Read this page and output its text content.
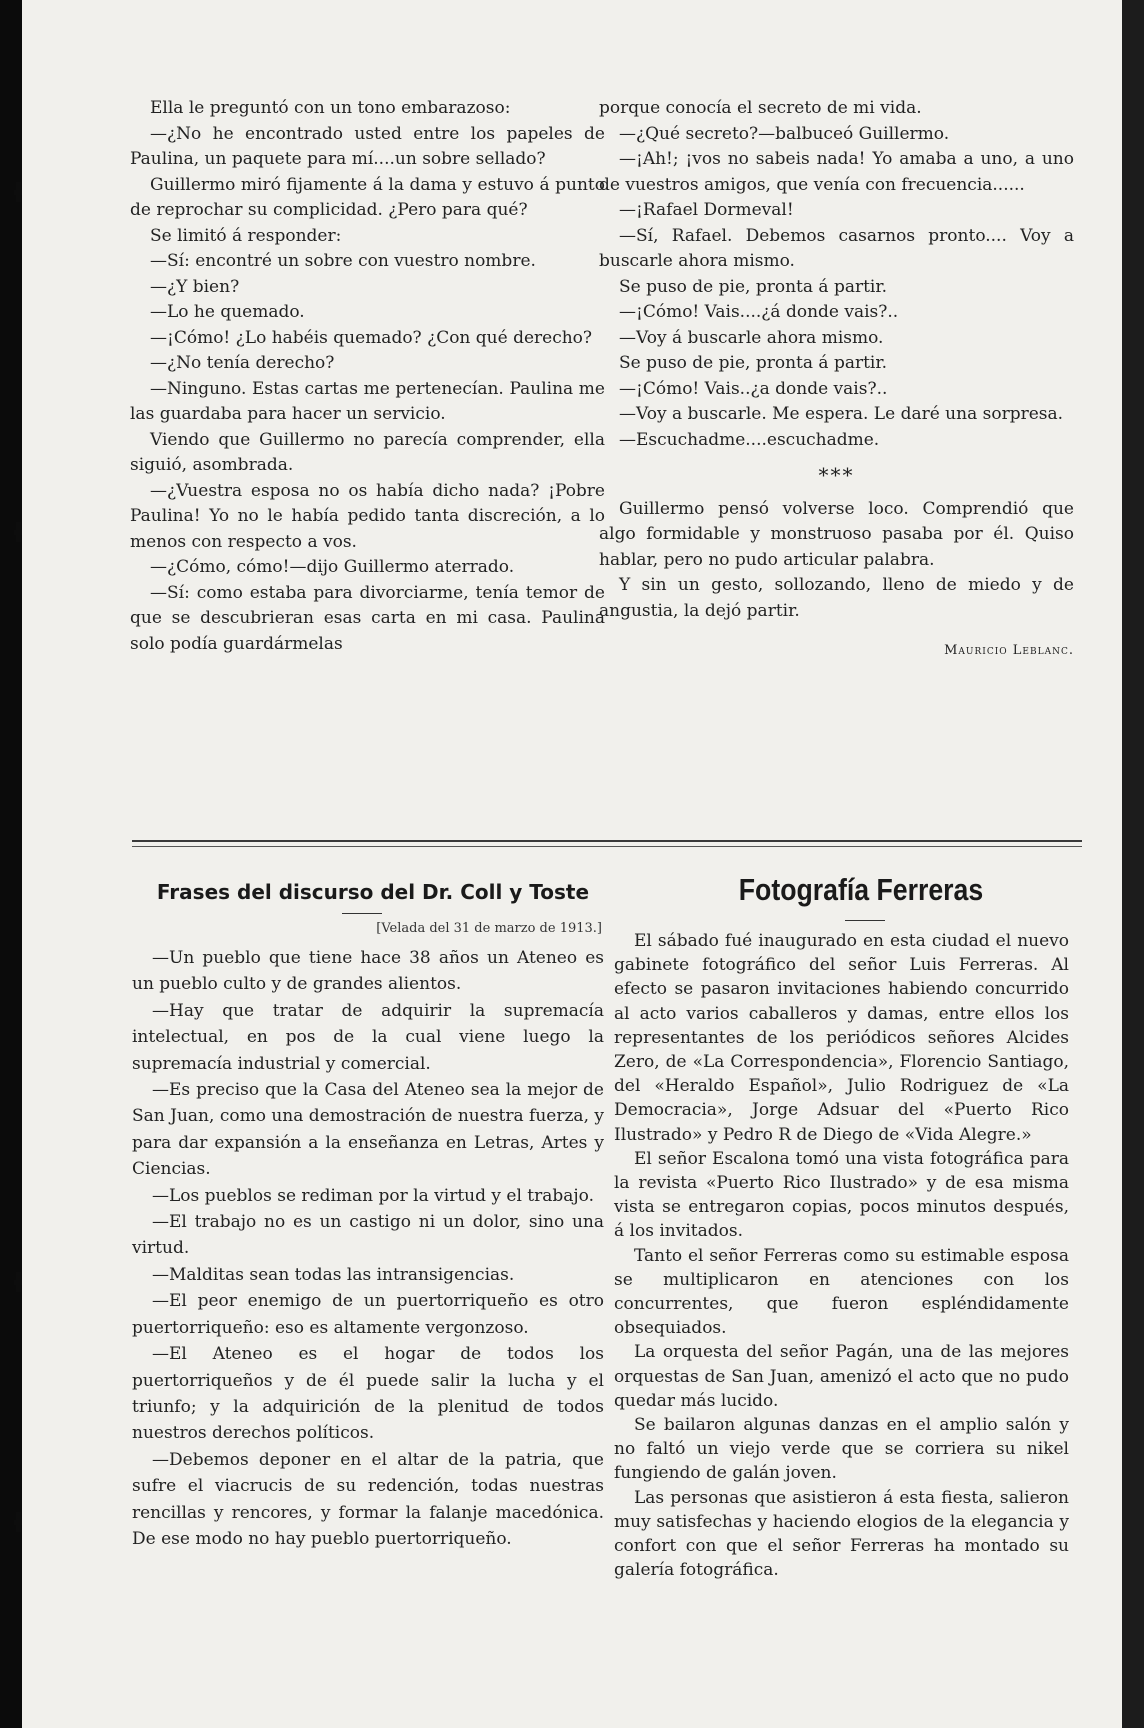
Ella le preguntó con un tono embarazoso:

—¿No he encontrado usted entre los papeles de Paulina, un paquete para mí....un sobre sellado?

Guillermo miró fijamente á la dama y estuvo á punto de reprochar su complicidad. ¿Pero para qué?

Se limitó á responder:

—Sí: encontré un sobre con vuestro nombre.

—¿Y bien?

—Lo he quemado.

—¡Cómo! ¿Lo habéis quemado? ¿Con qué derecho?

—¿No tenía derecho?

—Ninguno. Estas cartas me pertenecían. Paulina me las guardaba para hacer un servicio.

Viendo que Guillermo no parecía comprender, ella siguió, asombrada.

—¿Vuestra esposa no os había dicho nada? ¡Pobre Paulina! Yo no le había pedido tanta discreción, a lo menos con respecto a vos.

—¿Cómo, cómo!—dijo Guillermo aterrado.

—Sí: como estaba para divorciarme, tenía temor de que se descubrieran esas carta en mi casa. Paulina solo podía guardármelas

porque conocía el secreto de mi vida.

—¿Qué secreto?—balbuceó Guillermo.

—¡Ah!; ¡vos no sabeis nada! Yo amaba a uno, a uno de vuestros amigos, que venía con frecuencia......

—¡Rafael Dormeval!

—Sí, Rafael. Debemos casarnos pronto.... Voy a buscarle ahora mismo.

Se puso de pie, pronta á partir.

—¡Cómo! Vais....¿á donde vais?..

—Voy á buscarle ahora mismo.

Se puso de pie, pronta á partir.

—¡Cómo! Vais..¿a donde vais?..

—Voy a buscarle. Me espera. Le daré una sorpresa.

—Escuchadme....escuchadme.

***

Guillermo pensó volverse loco. Comprendió que algo formidable y monstruoso pasaba por él. Quiso hablar, pero no pudo articular palabra.

Y sin un gesto, sollozando, lleno de miedo y de angustia, la dejó partir.

Mauricio Leblanc.
Frases del discurso del Dr. Coll y Toste
[Velada del 31 de marzo de 1913.]

—Un pueblo que tiene hace 38 años un Ateneo es un pueblo culto y de grandes alientos.

—Hay que tratar de adquirir la supremacía intelectual, en pos de la cual viene luego la supremacía industrial y comercial.

—Es preciso que la Casa del Ateneo sea la mejor de San Juan, como una demostración de nuestra fuerza, y para dar expansión a la enseñanza en Letras, Artes y Ciencias.

—Los pueblos se rediman por la virtud y el trabajo.

—El trabajo no es un castigo ni un dolor, sino una virtud.

—Malditas sean todas las intransigencias.

—El peor enemigo de un puertorriqueño es otro puertorriqueño: eso es altamente vergonzoso.

—El Ateneo es el hogar de todos los puertorriqueños y de él puede salir la lucha y el triunfo; y la adquirición de la plenitud de todos nuestros derechos políticos.

—Debemos deponer en el altar de la patria, que sufre el viacrucis de su redención, todas nuestras rencillas y rencores, y formar la falanje macedónica. De ese modo no hay pueblo puertorriqueño.

Fotografía Ferreras

El sábado fué inaugurado en esta ciudad el nuevo gabinete fotográfico del señor Luis Ferreras. Al efecto se pasaron invitaciones habiendo concurrido al acto varios caballeros y damas, entre ellos los representantes de los periódicos señores Alcides Zero, de «La Correspondencia», Florencio Santiago, del «Heraldo Español», Julio Rodriguez de «La Democracia», Jorge Adsuar del «Puerto Rico Ilustrado» y Pedro R de Diego de «Vida Alegre.»

El señor Escalona tomó una vista fotográfica para la revista «Puerto Rico Ilustrado» y de esa misma vista se entregaron copias, pocos minutos después, á los invitados.

Tanto el señor Ferreras como su estimable esposa se multiplicaron en atenciones con los concurrentes, que fueron espléndidamente obsequiados.

La orquesta del señor Pagán, una de las mejores orquestas de San Juan, amenizó el acto que no pudo quedar más lucido.

Se bailaron algunas danzas en el amplio salón y no faltó un viejo verde que se corriera su nikel fungiendo de galán joven.

Las personas que asistieron á esta fiesta, salieron muy satisfechas y haciendo elogios de la elegancia y confort con que el señor Ferreras ha montado su galería fotográfica.
